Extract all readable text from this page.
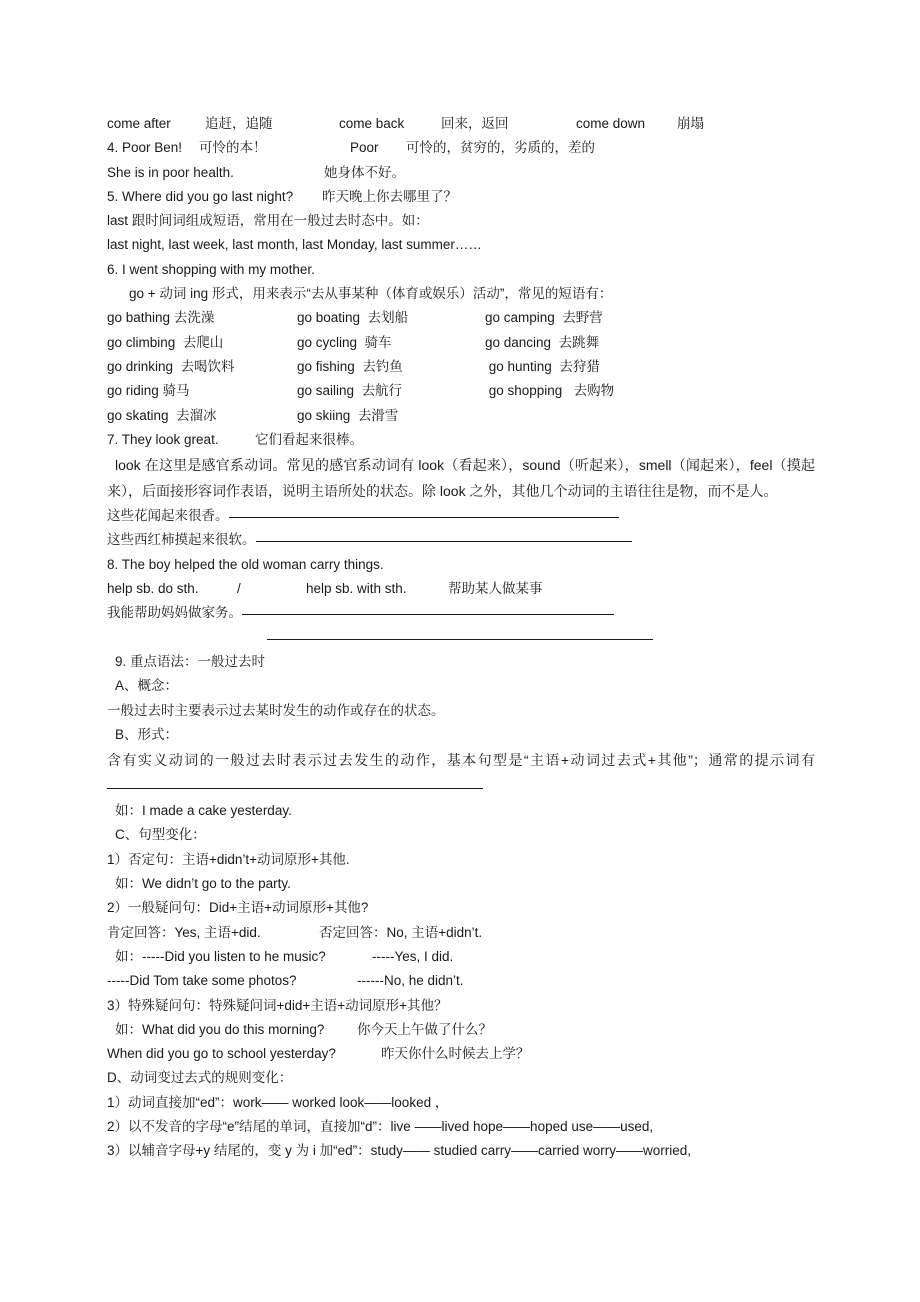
come after	追赶，追随	come back	回来，返回	come down 崩塌
4. Poor Ben! 可怜的本！	Poor 可怜的，贫穷的，劣质的，差的
She is in poor health.	她身体不好。
5. Where did you go last night? 昨天晚上你去哪里了？
last 跟时间词组成短语，常用在一般过去时态中。如：
last night, last week, last month, last Monday, last summer……
6. I went shopping with my mother.
go + 动词 ing 形式，用来表示“去从事某种（体育或娱乐）活动”，常见的短语有：
go bathing 去洗澡	go boating 去划船	go camping 去野营
go climbing 去爬山	go cycling 骑车	go dancing 去跳舞
go drinking 去喝饮料	go fishing 去钓鱼	go hunting 去狩猎
go riding 骑马	go sailing 去航行	go shopping 去购物
go skating 去溜冰	go skiing 去滑雪
7. They look great.	它们看起来很棒。
look 在这里是感官系动词。常见的感官系动词有 look（看起来），sound（听起来），smell（闻起来），feel（摸起来），后面接形容词作表语，说明主语所处的状态。除 look 之外，其他几个动词的主语往往是物，而不是人。
这些花闻起来很香。
这些西红柿摸起来很软。
8. The boy helped the old woman carry things.
help sb. do sth.	/	help sb. with sth.	帮助某人做某事
我能帮助妈妈做家务。
9. 重点语法：一般过去时
A、概念：
一般过去时主要表示过去某时发生的动作或存在的状态。
B、形式：
含有实义动词的一般过去时表示过去发生的动作，基本句型是“主语+动词过去式+其他”；通常的提示词有
如：I made a cake yesterday.
C、句型变化：
1）否定句：主语+didn’t+动词原形+其他.
如：We didn’t go to the party.
2）一般疑问句：Did+主语+动词原形+其他?
肯定回答：Yes, 主语+did.	否定回答：No, 主语+didn’t.
如：-----Did you listen to he music?	-----Yes, I did.
-----Did Tom take some photos?	------No, he didn’t.
3）特殊疑问句：特殊疑问词+did+主语+动词原形+其他？
如：What did you do this morning? 你今天上午做了什么？
When did you go to school yesterday?	昨天你什么时候去上学？
D、动词变过去式的规则变化：
1）动词直接加“ed”：work—— worked look——looked ，
2）以不发音的字母“e”结尾的单词，直接加“d”：live ——lived hope——hoped use——used,
3）以辅音字母+y 结尾的，变 y 为 i 加“ed”：study—— studied carry——carried worry——worried,
